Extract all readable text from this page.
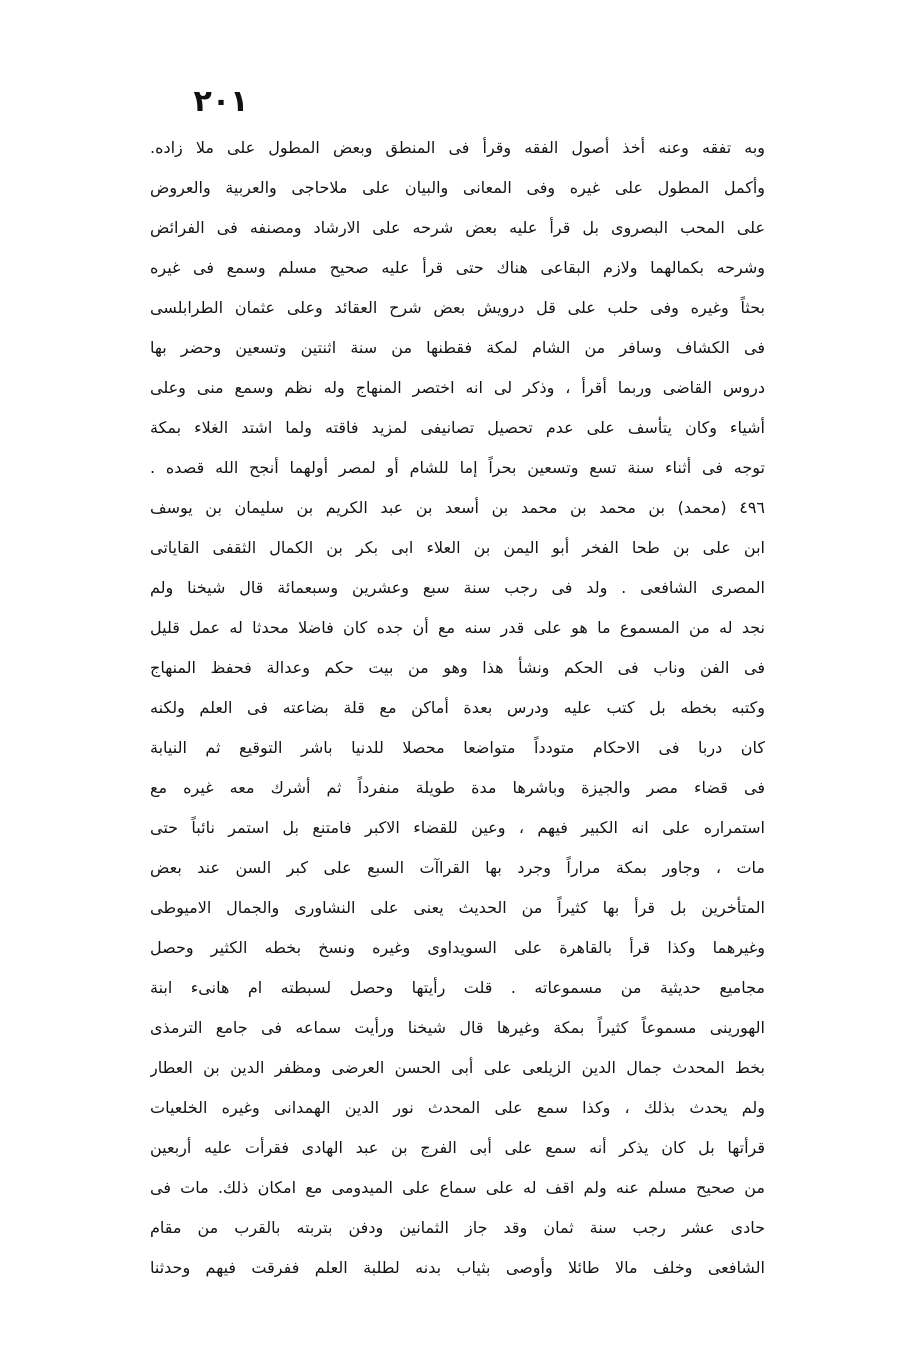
٢٠١
وبه تفقه وعنه أخذ أصول الفقه وقرأ فى المنطق وبعض المطول على ملا زاده.
وأكمل المطول على غيره وفى المعانى والبيان على ملاحاجى والعربية والعروض
على المحب البصروى بل قرأ عليه بعض شرحه على الارشاد ومصنفه فى الفرائض
وشرحه بكمالهما ولازم البقاعى هناك حتى قرأ عليه صحيح مسلم وسمع فى غيره
بحثاً وغيره وفى حلب على قل درويش بعض شرح العقائد وعلى عثمان الطرابلسى
فى الكشاف وسافر من الشام لمكة فقطنها من سنة اثنتين وتسعين وحضر بها
دروس القاضى وربما أقرأ ، وذكر لى انه اختصر المنهاج وله نظم وسمع منى وعلى
أشياء وكان يتأسف على عدم تحصيل تصانيفى لمزيد فاقته ولما اشتد الغلاء بمكة
توجه فى أثناء سنة تسع وتسعين بحراً إما للشام أو لمصر أولهما أنجح الله قصده .
٤٩٦ (محمد) بن محمد بن محمد بن أسعد بن عبد الكريم بن سليمان بن يوسف
ابن على بن طحا الفخر أبو اليمن بن العلاء ابى بكر بن الكمال الثقفى القاياتى
المصرى الشافعى . ولد فى رجب سنة سبع وعشرين وسبعمائة قال شيخنا ولم
نجد له من المسموع ما هو على قدر سنه مع أن جده كان فاضلا محدثا له عمل قليل
فى الفن وناب فى الحكم ونشأ هذا وهو من بيت حكم وعدالة فحفظ المنهاج
وكتبه بخطه بل كتب عليه ودرس بعدة أماكن مع قلة بضاعته فى العلم ولكنه
كان دربا فى الاحكام متودداً متواضعا محصلا للدنيا باشر التوقيع ثم النيابة
فى قضاء مصر والجيزة وباشرها مدة طويلة منفرداً ثم أشرك معه غيره مع
استمراره على انه الكبير فيهم ، وعين للقضاء الاكبر فامتنع بل استمر نائباً حتى
مات ، وجاور بمكة مراراً وجرد بها القراآت السبع على كبر السن عند بعض
المتأخرين بل قرأ بها كثيراً من الحديث يعنى على النشاورى والجمال الاميوطى
وغيرهما وكذا قرأ بالقاهرة على السويداوى وغيره ونسخ بخطه الكثير وحصل
مجاميع حديثية من مسموعاته . قلت رأيتها وحصل لسبطته ام هانىء ابنة
الهورينى مسموعاً كثيراً بمكة وغيرها قال شيخنا ورأيت سماعه فى جامع الترمذى
بخط المحدث جمال الدين الزيلعى على أبى الحسن العرضى ومظفر الدين بن العطار
ولم يحدث بذلك ، وكذا سمع على المحدث نور الدين الهمدانى وغيره الخلعيات
قرأتها بل كان يذكر أنه سمع على أبى الفرج بن عبد الهادى فقرأت عليه أربعين
من صحيح مسلم عنه ولم اقف له على سماع على الميدومى مع امكان ذلك. مات فى
حادى عشر رجب سنة ثمان وقد جاز الثمانين ودفن بتربته بالقرب من مقام
الشافعى وخلف مالا طائلا وأوصى بثياب بدنه لطلبة العلم ففرقت فيهم وحدثنا
